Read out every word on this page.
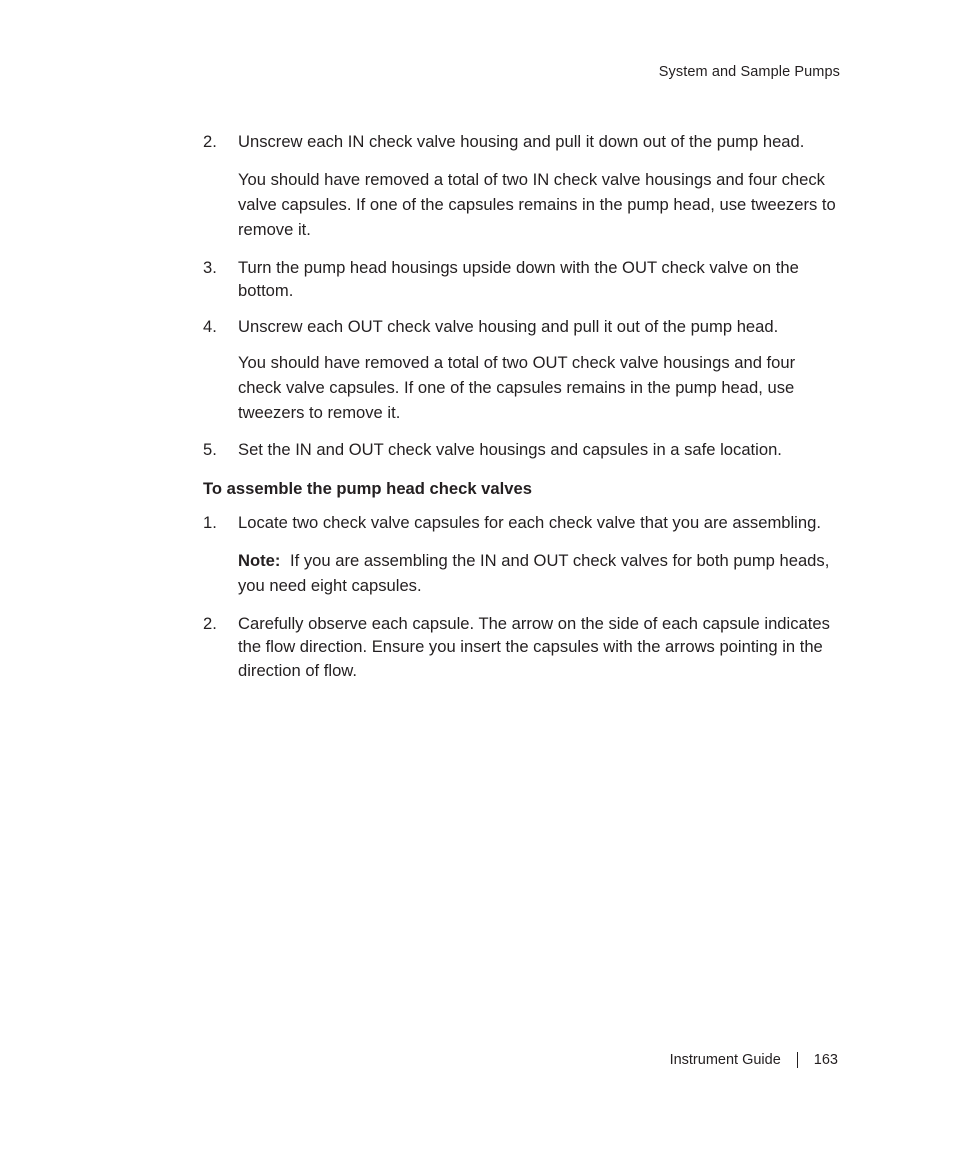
System and Sample Pumps
2. Unscrew each IN check valve housing and pull it down out of the pump head.
You should have removed a total of two IN check valve housings and four check valve capsules. If one of the capsules remains in the pump head, use tweezers to remove it.
3. Turn the pump head housings upside down with the OUT check valve on the bottom.
4. Unscrew each OUT check valve housing and pull it out of the pump head.
You should have removed a total of two OUT check valve housings and four check valve capsules. If one of the capsules remains in the pump head, use tweezers to remove it.
5. Set the IN and OUT check valve housings and capsules in a safe location.
To assemble the pump head check valves
1. Locate two check valve capsules for each check valve that you are assembling.
Note: If you are assembling the IN and OUT check valves for both pump heads, you need eight capsules.
2. Carefully observe each capsule. The arrow on the side of each capsule indicates the flow direction. Ensure you insert the capsules with the arrows pointing in the direction of flow.
Instrument Guide 163
